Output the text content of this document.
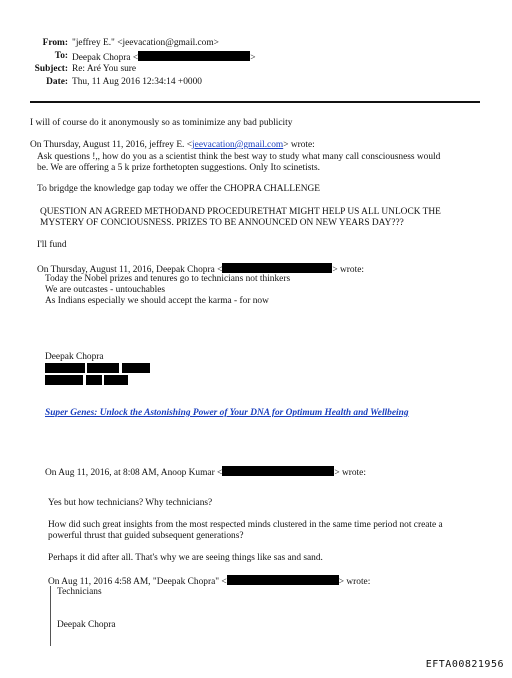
From: "jeffrey E." <jeevacation@gmail.com>
To: Deepak Chopra <	>
Subject: Re: Aré You sure
Date: Thu, 11 Aug 2016 12:34:14 +0000
I will of course do it anonymously so as tominimize any bad publicity
On Thursday, August 11, 2016, jeffrey E. <jeevacation@gmail.com> wrote:
Ask questions !,, how do you as a scientist think the best way to study what many call consciousness would
be. We are offering a 5 k prize forthetopten suggestions. Only Ito scinetists.
To brigdge the knowledge gap today we offer the CHOPRA CHALLENGE
QUESTION AN AGREED METHODAND PROCEDURETHAT MIGHT HELP US ALL UNLOCK THE
MYSTERY OF CONCIOUSNESS. PRIZES TO BE ANNOUNCED ON NEW YEARS DAY???
I'll fund
On Thursday, August 11, 2016, Deepak Chopra <	> wrote:
Today the Nobel prizes and tenures go to technicians not thinkers
We are outcastes - untouchables
As Indians especially we should accept the karma - for now
Deepak Chopra
Super Genes: Unlock the Astonishing Power of Your DNA for Optimum Health and Wellbeing
On Aug 11, 2016, at 8:08 AM, Anoop Kumar <	> wrote:
Yes but how technicians? Why technicians?
How did such great insights from the most respected minds clustered in the same time period not create a
powerful thrust that guided subsequent generations?
Perhaps it did after all. That's why we are seeing things like sas and sand.
On Aug 11, 2016 4:58 AM, "Deepak Chopra" <	> wrote:
Technicians
Deepak Chopra
EFTA00821956
